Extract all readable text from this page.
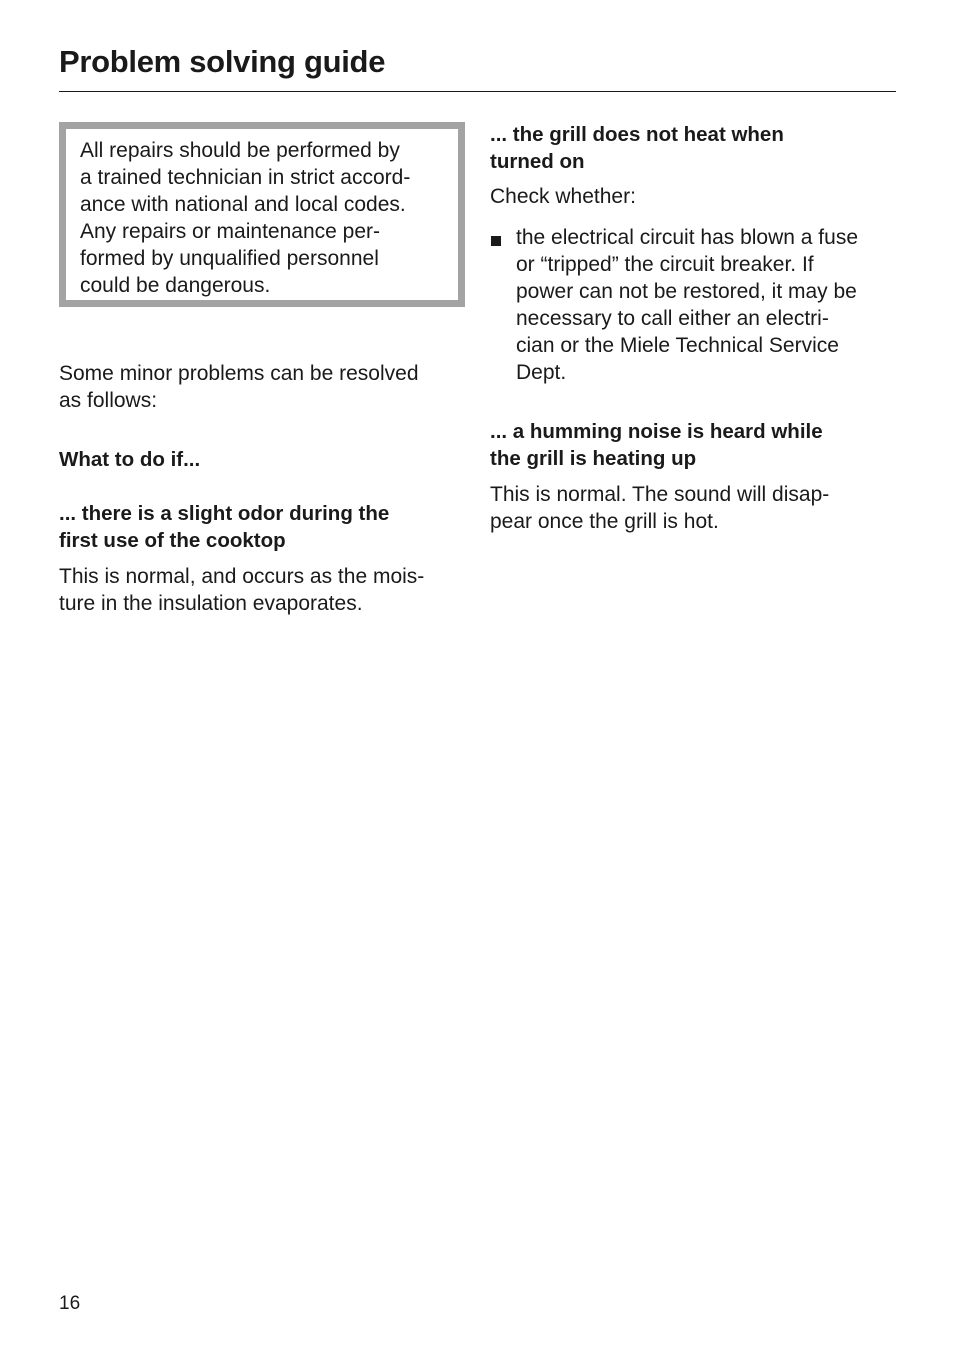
Problem solving guide
All repairs should be performed by
a trained technician in strict accord-
ance with national and local codes.
Any repairs or maintenance per-
formed by unqualified personnel
could be dangerous.
Some minor problems can be resolved
as follows:
What to do if...
... there is a slight odor during the
first use of the cooktop
This is normal, and occurs as the mois-
ture in the insulation evaporates.
... the grill does not heat when
turned on
Check whether:
the electrical circuit has blown a fuse
or “tripped” the circuit breaker. If
power can not be restored, it may be
necessary to call either an electri-
cian or the Miele Technical Service
Dept.
... a humming noise is heard while
the grill is heating up
This is normal. The sound will disap-
pear once the grill is hot.
16
